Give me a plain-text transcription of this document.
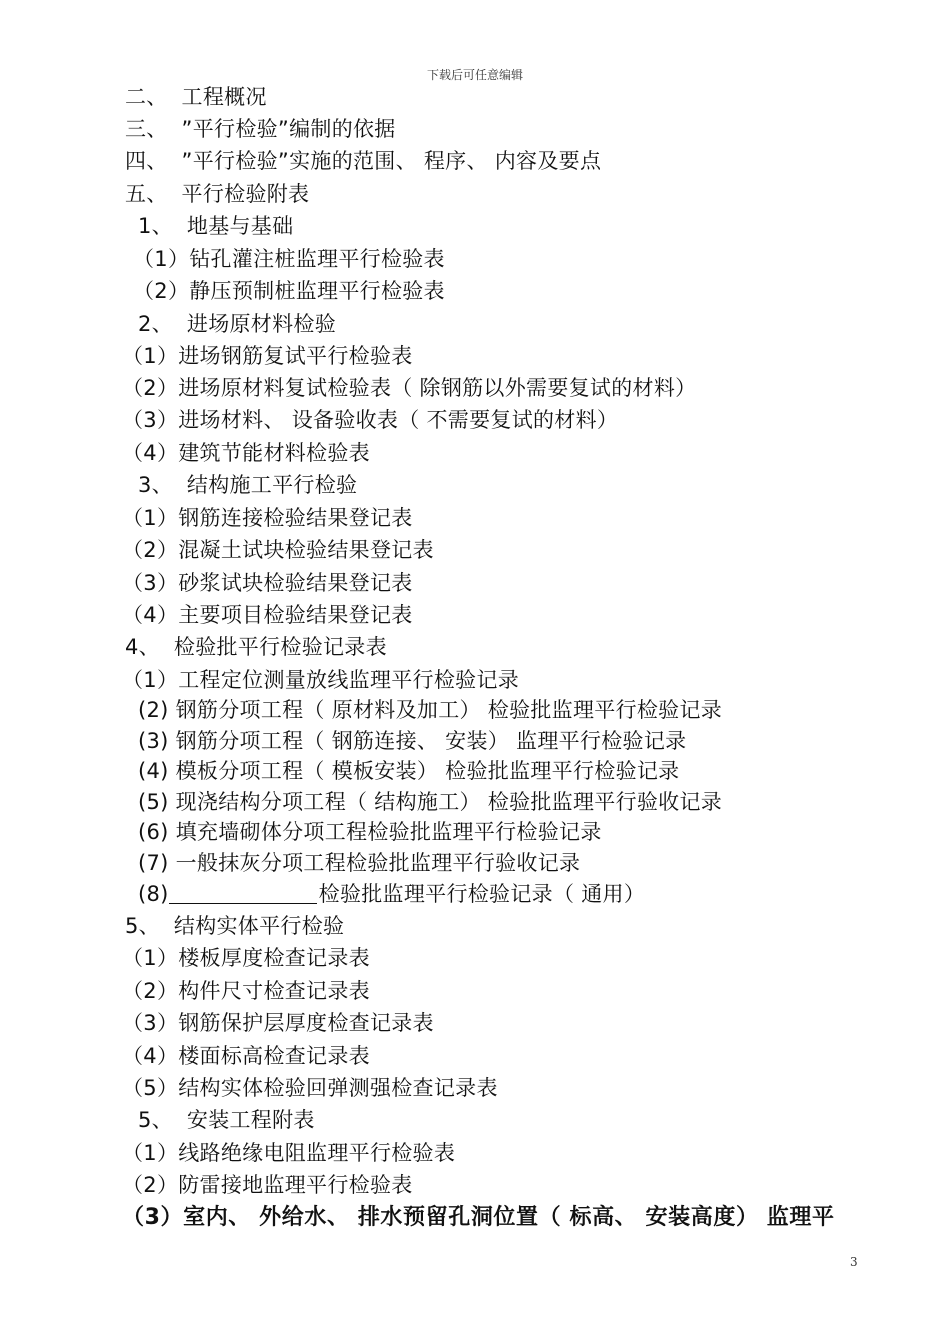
下载后可任意编辑
二、  工程概况
三、  ”平行检验”编制的依据
四、  ”平行检验”实施的范围、 程序、 内容及要点
五、  平行检验附表
1、  地基与基础
（1）钻孔灌注桩监理平行检验表
（2）静压预制桩监理平行检验表
2、  进场原材料检验
（1）进场钢筋复试平行检验表
（2）进场原材料复试检验表（ 除钢筋以外需要复试的材料）
（3）进场材料、 设备验收表（ 不需要复试的材料）
（4）建筑节能材料检验表
3、  结构施工平行检验
（1）钢筋连接检验结果登记表
（2）混凝土试块检验结果登记表
（3）砂浆试块检验结果登记表
（4）主要项目检验结果登记表
4、  检验批平行检验记录表
（1）工程定位测量放线监理平行检验记录
(2) 钢筋分项工程（ 原材料及加工） 检验批监理平行检验记录
(3) 钢筋分项工程（ 钢筋连接、 安装） 监理平行检验记录
(4) 模板分项工程（ 模板安装） 检验批监理平行检验记录
(5) 现浇结构分项工程（ 结构施工） 检验批监理平行验收记录
(6) 填充墙砌体分项工程检验批监理平行检验记录
(7) 一般抹灰分项工程检验批监理平行验收记录
(8)	检验批监理平行检验记录（ 通用）
5、  结构实体平行检验
（1）楼板厚度检查记录表
（2）构件尺寸检查记录表
（3）钢筋保护层厚度检查记录表
（4）楼面标高检查记录表
（5）结构实体检验回弹测强检查记录表
5、  安装工程附表
（1）线路绝缘电阻监理平行检验表
（2）防雷接地监理平行检验表
（3）室内、 外给水、 排水预留孔洞位置（ 标高、 安装高度） 监理平
3
